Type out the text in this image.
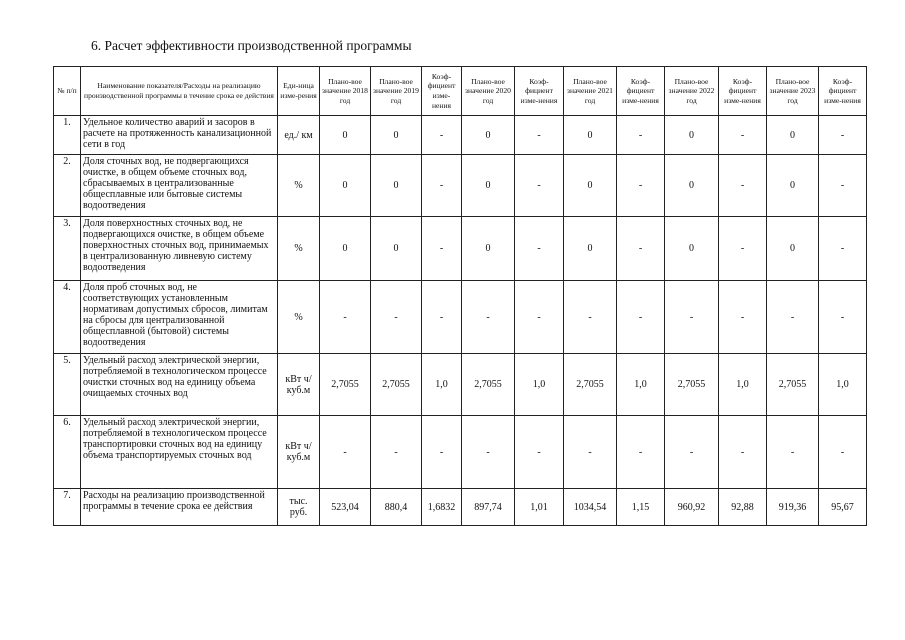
6. Расчет эффективности производственной программы
№ п/п	Наименование показателя/Расходы на реализацию производственной программы в течение срока ее действия	Еди-ница изме-рения	Плано-вое значение 2018 год	Плано-вое значение 2019 год	Коэф-фициент изме-нения	Плано-вое значение 2020 год	Коэф-фициент изме-нения	Плано-вое значение 2021 год	Коэф-фициент изме-нения	Плано-вое значение 2022 год	Коэф-фициент изме-нения	Плано-вое значение 2023 год	Коэф-фициент изме-нения
1.	Удельное количество аварий и засоров в расчете на протяженность канализационной сети в год	ед./ км	0	0	-	0	-	0	-	0	-	0	-
2.	Доля сточных вод, не подвергающихся очистке, в общем объеме сточных вод, сбрасываемых в централизованные общесплавные или бытовые системы водоотведения	%	0	0	-	0	-	0	-	0	-	0	-
3.	Доля поверхностных сточных вод, не подвергающихся очистке, в общем объеме поверхностных сточных вод, принимаемых в централизованную ливневую систему водоотведения	%	0	0	-	0	-	0	-	0	-	0	-
4.	Доля проб сточных вод, не соответствующих установленным нормативам допустимых сбросов, лимитам на сбросы для централизованной общесплавной (бытовой) системы водоотведения	%	-	-	-	-	-	-	-	-	-	-	-
5.	Удельный расход электрической энергии, потребляемой в технологическом процессе очистки сточных вод на единицу объема очищаемых сточных вод	кВт ч/куб.м	2,7055	2,7055	1,0	2,7055	1,0	2,7055	1,0	2,7055	1,0	2,7055	1,0
6.	Удельный расход электрической энергии, потребляемой в технологическом процессе транспортировки сточных вод на единицу объема транспортируемых сточных вод	кВт ч/куб.м	-	-	-	-	-	-	-	-	-	-	-
7.	Расходы на реализацию производственной программы в течение срока ее действия	тыс. руб.	523,04	880,4	1,6832	897,74	1,01	1034,54	1,15	960,92	92,88	919,36	95,67
